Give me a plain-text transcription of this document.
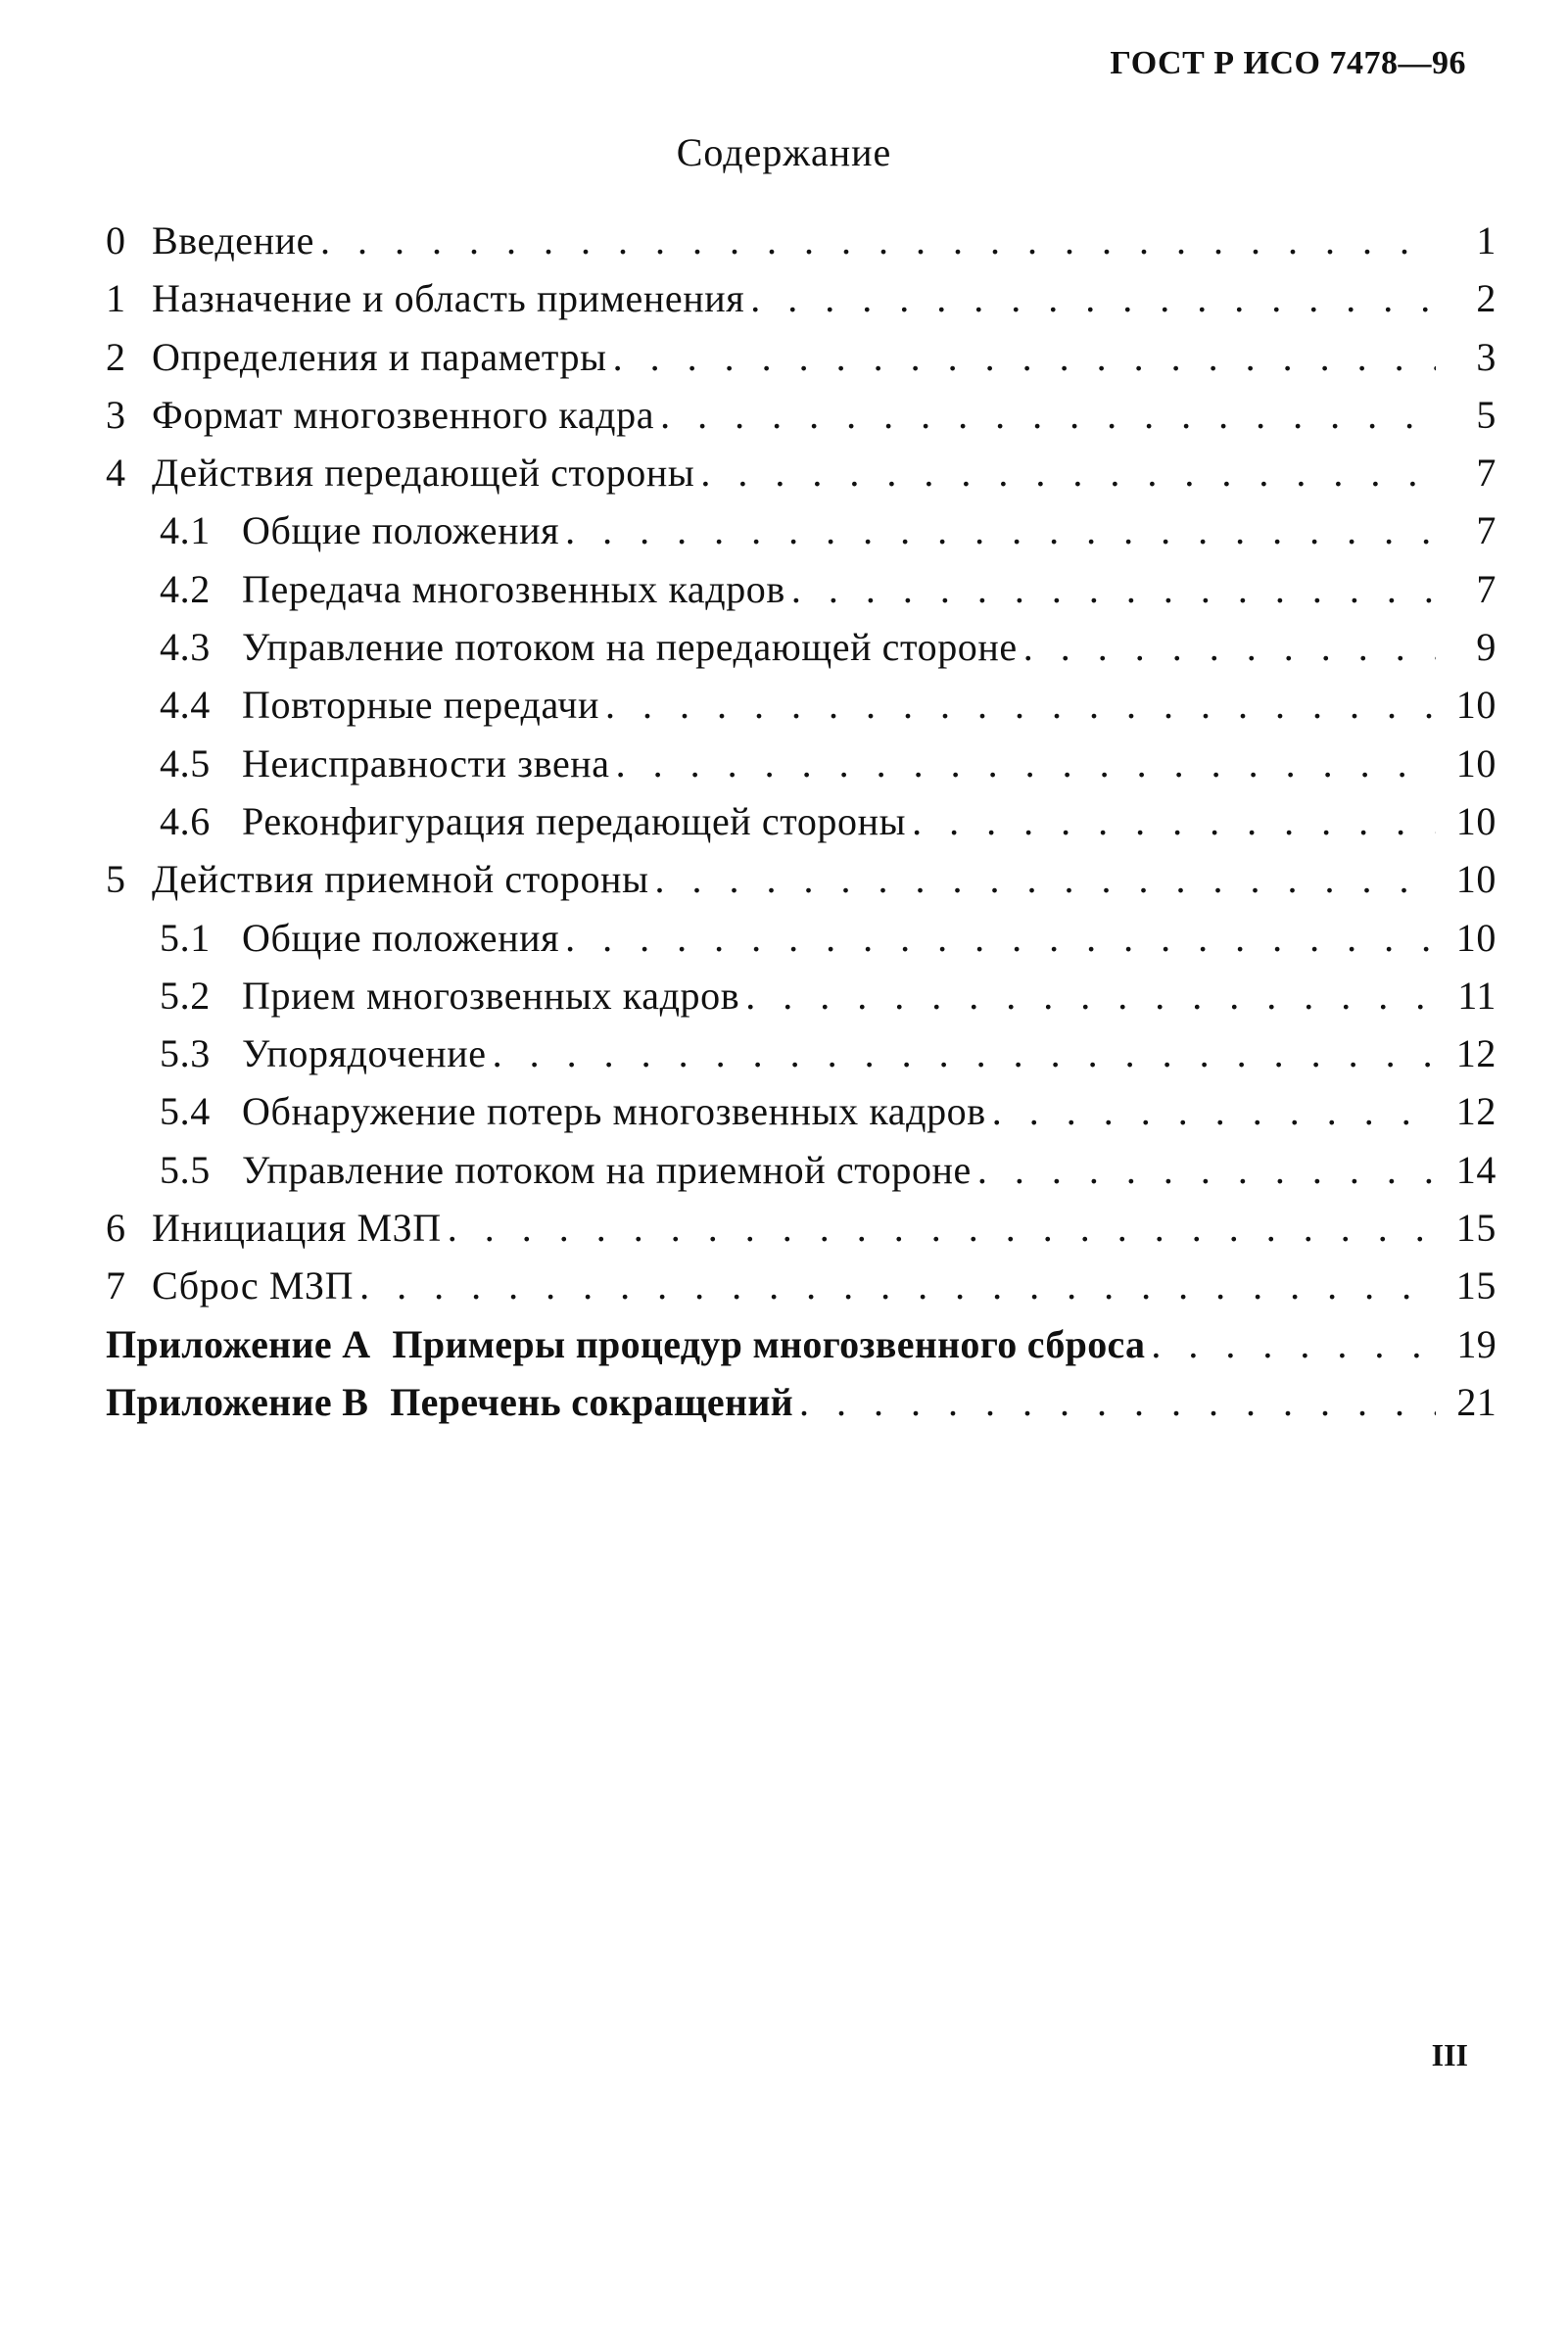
ГОСТ Р ИСО 7478—96
Содержание
0 Введение . . .	1
1 Назначение и область применения . . .	2
2 Определения и параметры . . .	3
3 Формат многозвенного кадра . . .	5
4 Действия передающей стороны . . .	7
4.1 Общие положения . . .	7
4.2 Передача многозвенных кадров . . .	7
4.3 Управление потоком на передающей стороне . . .	9
4.4 Повторные передачи . . .	10
4.5 Неисправности звена . . .	10
4.6 Реконфигурация передающей стороны . . .	10
5 Действия приемной стороны . . .	10
5.1 Общие положения . . .	10
5.2 Прием многозвенных кадров . . .	11
5.3 Упорядочение . . .	12
5.4 Обнаружение потерь многозвенных кадров . . .	12
5.5 Управление потоком на приемной стороне . . .	14
6 Инициация МЗП . . .	15
7 Сброс МЗП . . .	15
Приложение А Примеры процедур многозвенного сброса . . .	19
Приложение В Перечень сокращений . . .	21
III
